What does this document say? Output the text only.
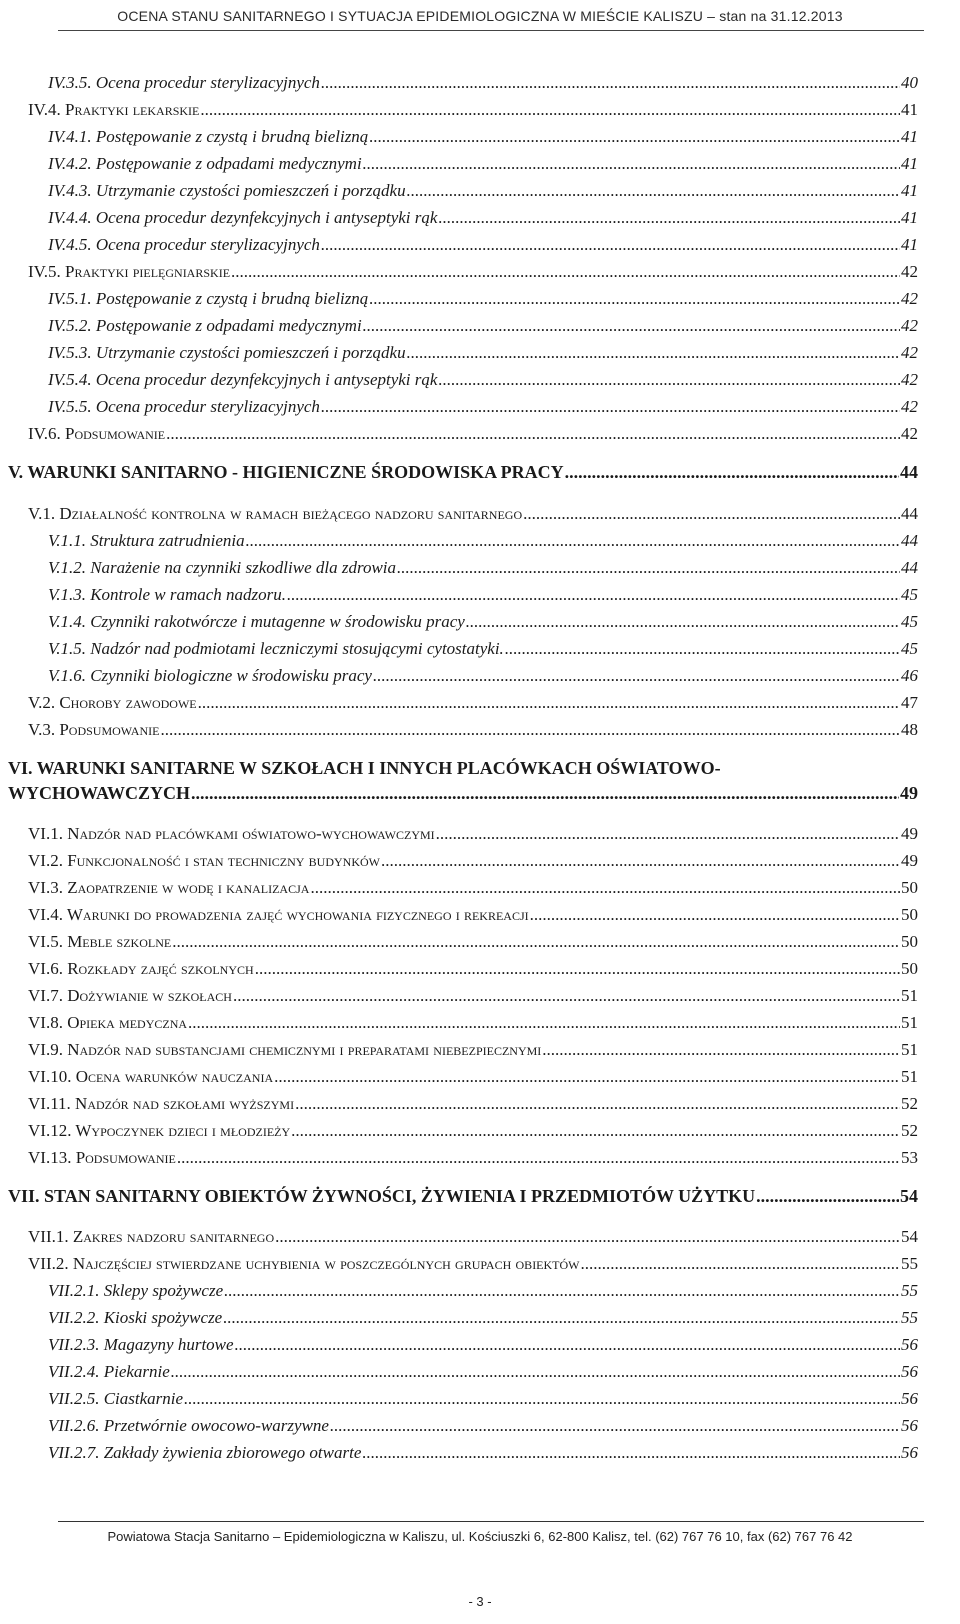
OCENA STANU SANITARNEGO I SYTUACJA EPIDEMIOLOGICZNA W MIEŚCIE KALISZU – stan na 31.12.2013
IV.3.5. Ocena procedur sterylizacyjnych .....	40
IV.4. Praktyki lekarskie .....	41
IV.4.1. Postępowanie z czystą i brudną bielizną .....	41
IV.4.2. Postępowanie z odpadami medycznymi .....	41
IV.4.3. Utrzymanie czystości pomieszczeń i porządku .....	41
IV.4.4. Ocena procedur dezynfekcyjnych i antyseptyki rąk .....	41
IV.4.5. Ocena procedur sterylizacyjnych .....	41
IV.5. Praktyki pielęgniarskie .....	42
IV.5.1. Postępowanie z czystą i brudną bielizną .....	42
IV.5.2. Postępowanie z odpadami medycznymi .....	42
IV.5.3. Utrzymanie czystości pomieszczeń i porządku .....	42
IV.5.4. Ocena procedur dezynfekcyjnych i antyseptyki rąk .....	42
IV.5.5. Ocena procedur sterylizacyjnych .....	42
IV.6. Podsumowanie .....	42
V. WARUNKI SANITARNO - HIGIENICZNE ŚRODOWISKA PRACY .....	44
V.1. Działalność kontrolna w ramach bieżącego nadzoru sanitarnego .....	44
V.1.1. Struktura zatrudnienia .....	44
V.1.2. Narażenie na czynniki szkodliwe dla zdrowia .....	44
V.1.3. Kontrole w ramach nadzoru. .....	45
V.1.4. Czynniki rakotwórcze i mutagenne w środowisku pracy .....	45
V.1.5. Nadzór nad podmiotami leczniczymi stosującymi cytostatyki. .....	45
V.1.6. Czynniki biologiczne w środowisku pracy .....	46
V.2. Choroby zawodowe .....	47
V.3. Podsumowanie .....	48
VI. WARUNKI SANITARNE W SZKOŁACH I INNYCH PLACÓWKACH OŚWIATOWO-
WYCHOWAWCZYCH .....	49
VI.1. Nadzór nad placówkami oświatowo-wychowawczymi .....	49
VI.2. Funkcjonalność i stan techniczny budynków .....	49
VI.3. Zaopatrzenie w wodę i kanalizacja .....	50
VI.4. Warunki do prowadzenia zajęć wychowania fizycznego i rekreacji .....	50
VI.5. Meble szkolne .....	50
VI.6. Rozkłady zajęć szkolnych .....	50
VI.7. Dożywianie w szkołach .....	51
VI.8. Opieka medyczna .....	51
VI.9. Nadzór nad substancjami chemicznymi i preparatami niebezpiecznymi .....	51
VI.10. Ocena warunków nauczania .....	51
VI.11. Nadzór nad szkołami wyższymi .....	52
VI.12. Wypoczynek dzieci i młodzieży .....	52
VI.13. Podsumowanie .....	53
VII. STAN SANITARNY OBIEKTÓW ŻYWNOŚCI, ŻYWIENIA I PRZEDMIOTÓW UŻYTKU .....	54
VII.1. Zakres nadzoru sanitarnego .....	54
VII.2. Najczęściej stwierdzane uchybienia w poszczególnych grupach obiektów .....	55
VII.2.1. Sklepy spożywcze .....	55
VII.2.2. Kioski spożywcze .....	55
VII.2.3. Magazyny hurtowe .....	56
VII.2.4. Piekarnie .....	56
VII.2.5. Ciastkarnie .....	56
VII.2.6. Przetwórnie owocowo-warzywne .....	56
VII.2.7. Zakłady żywienia zbiorowego otwarte .....	56
Powiatowa Stacja Sanitarno – Epidemiologiczna w Kaliszu, ul. Kościuszki 6, 62-800 Kalisz, tel. (62) 767 76 10, fax (62) 767 76 42
- 3 -
